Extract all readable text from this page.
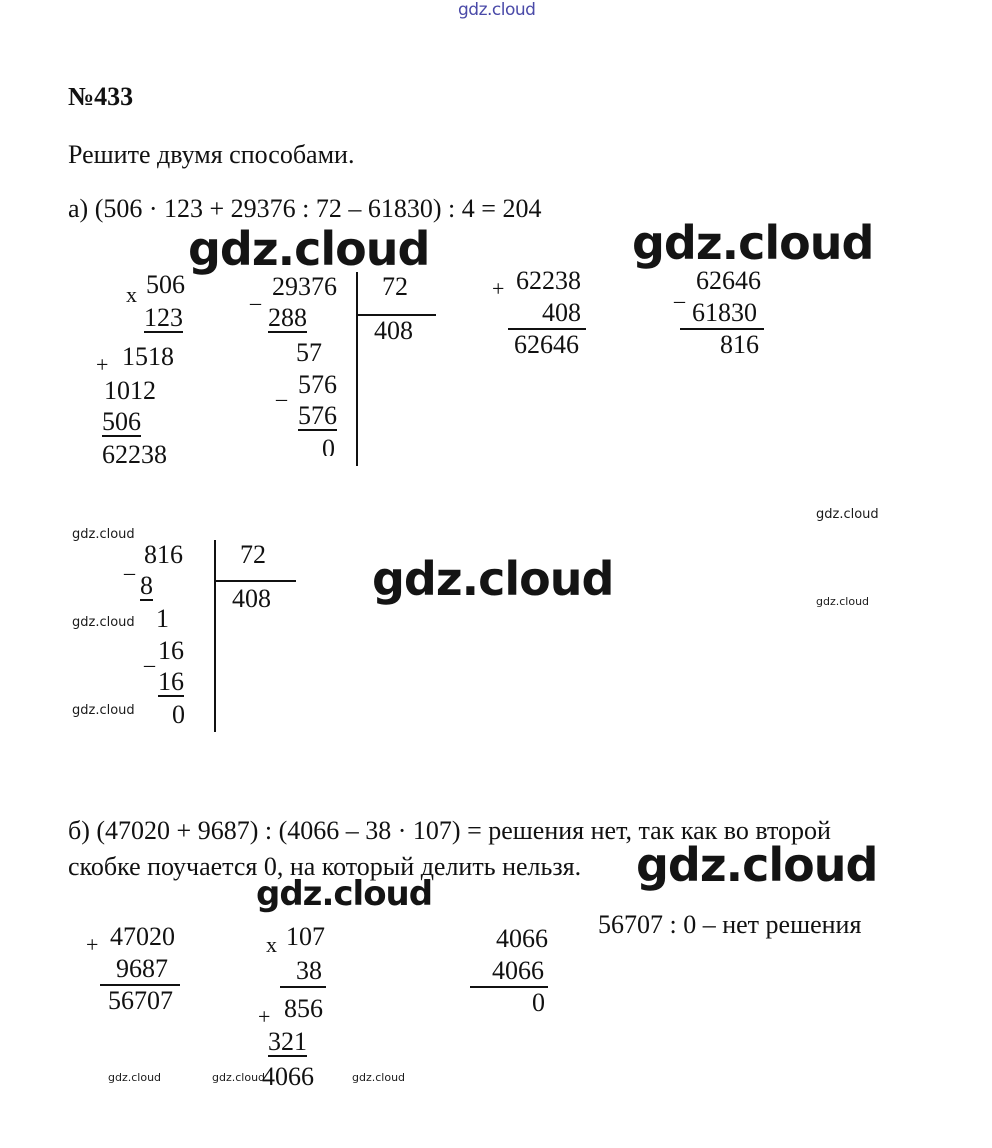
gdz.cloud
№433
Решите двумя способами.
а) (506 · 123 + 29376 : 72 – 61830) : 4 = 204
gdz.cloud	gdz.cloud
gdz.cloud
gdz.cloud
gdz.cloud
gdz.cloud
gdz.cloud
gdz.cloud
gdz.cloud
gdz.cloud
gdz.cloud	gdz.cloud	gdz.cloud
x 506
123
+ 1518
1012
506
62238
_ 29376 72
408
288
57
_ 576
576
0
+ 62238
408
62646
_ 62646
61830
816
_ 816 72
408
8
1
_ 16
16
0
б) (47020 + 9687) : (4066 – 38 · 107) = решения нет, так как во второй
скобке поучается 0, на который делить нельзя.
+ 47020
9687
56707
x 107
38
+ 856
321
4066
4066
4066
0
56707 : 0 – нет решения
